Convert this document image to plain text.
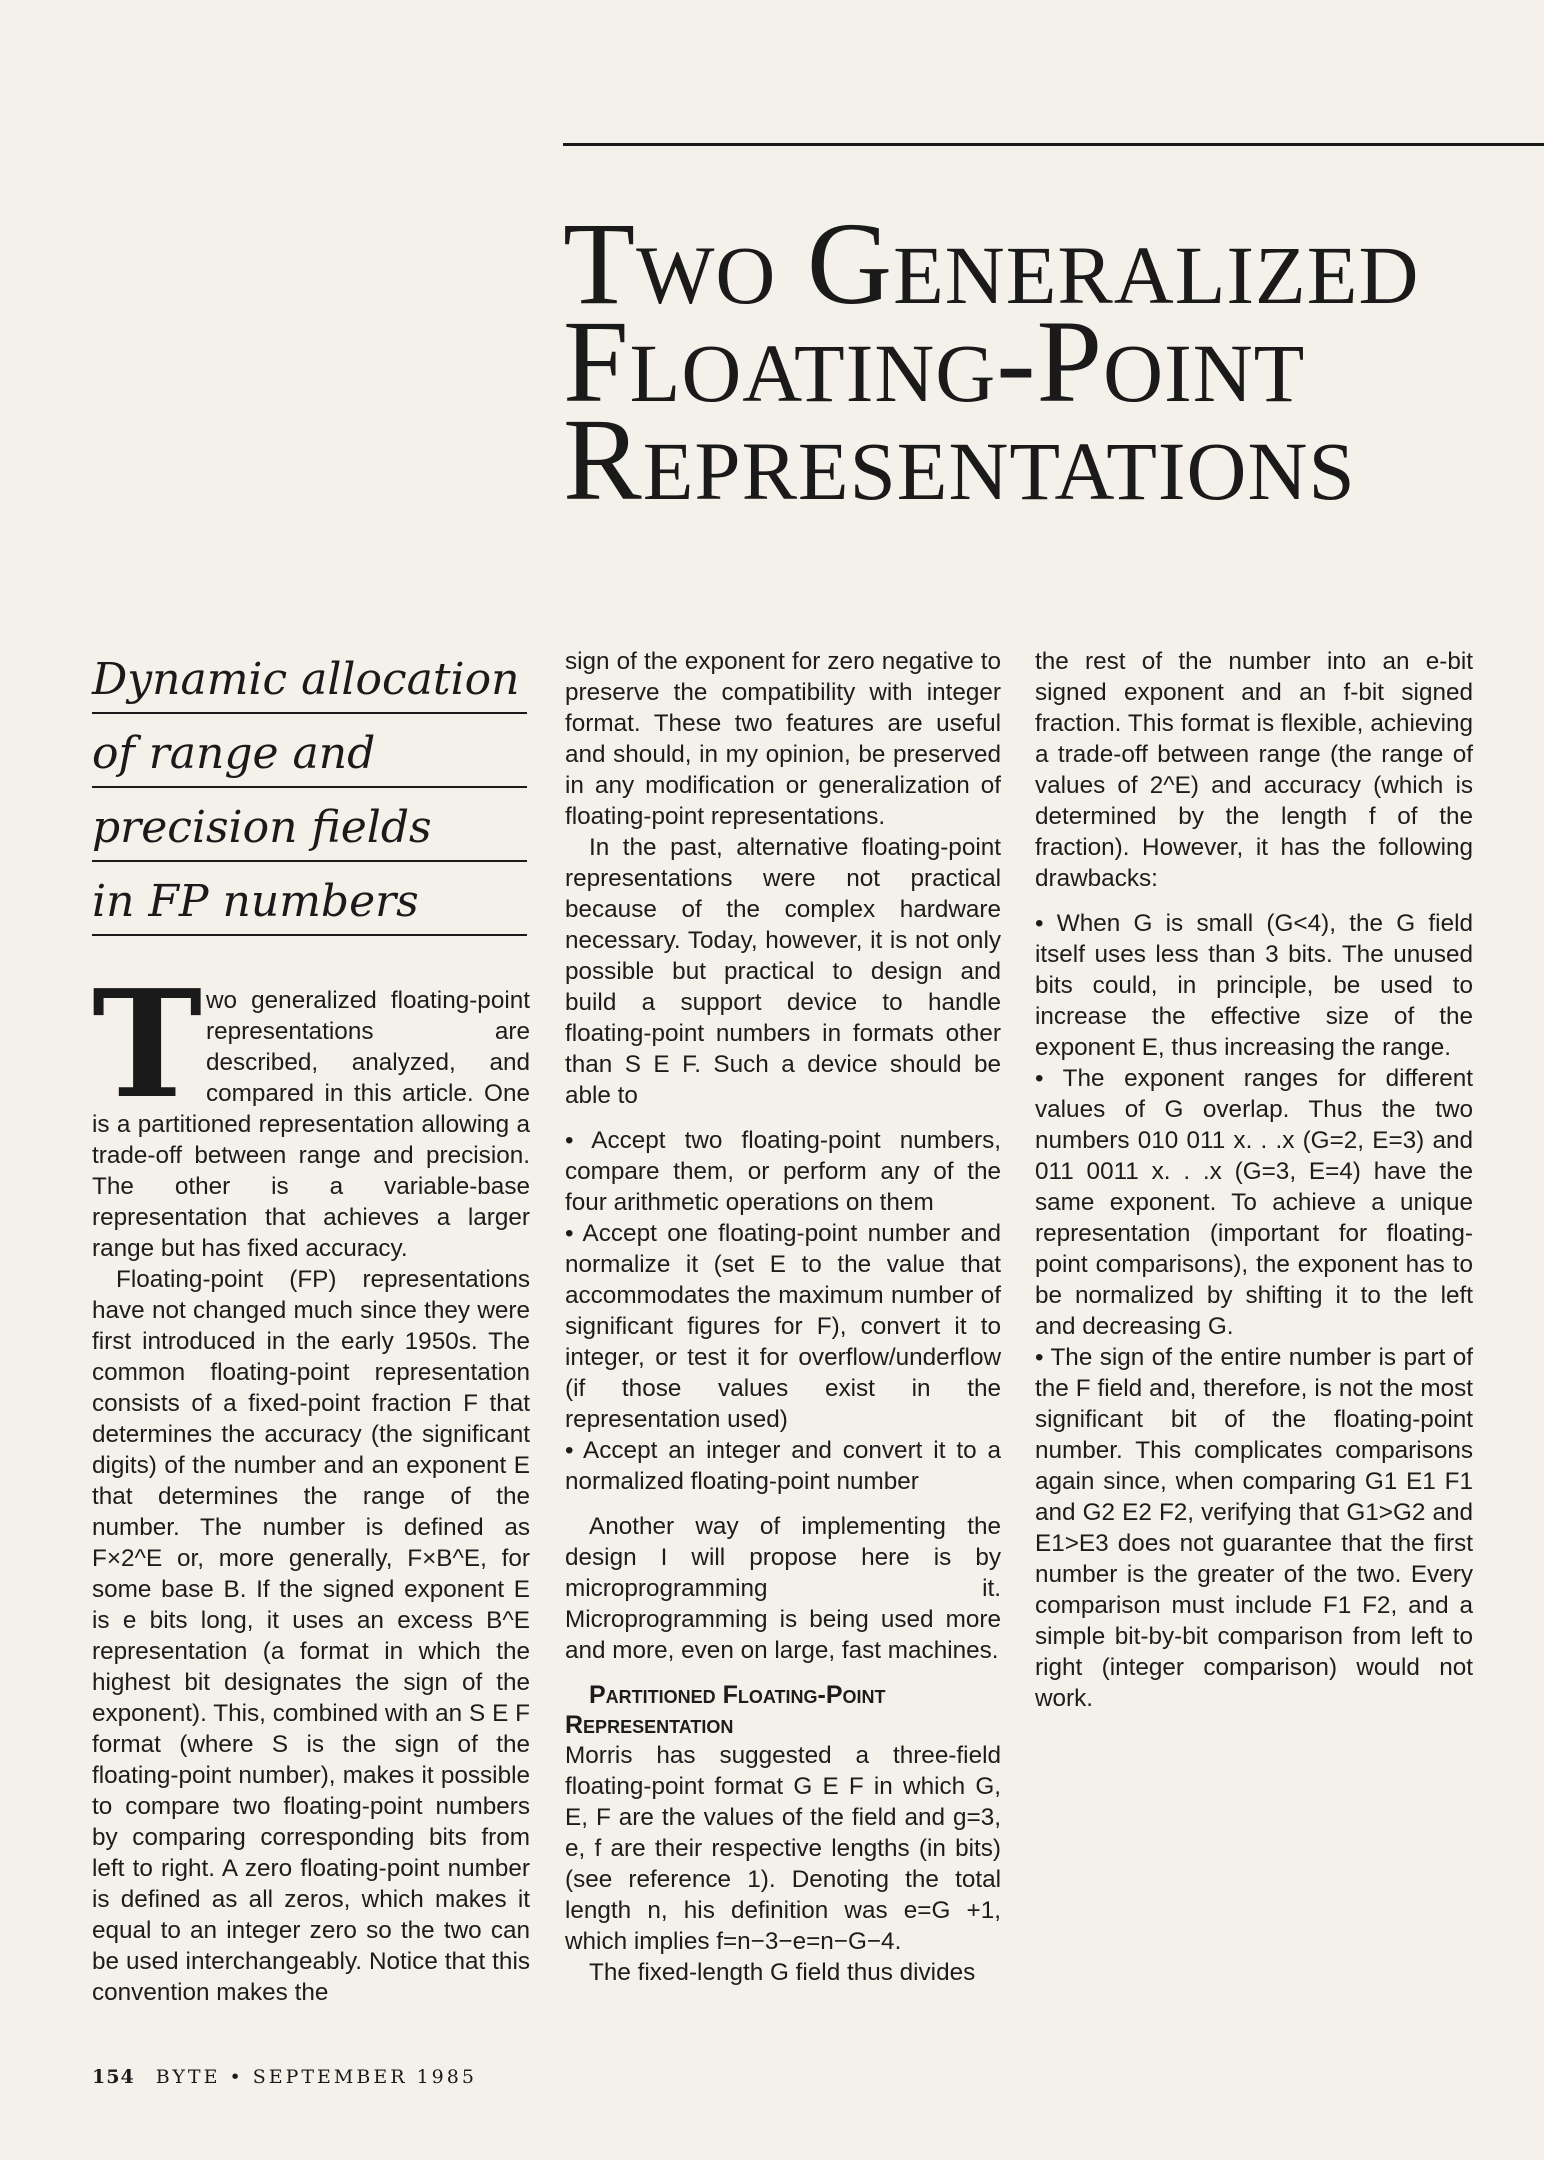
Two Generalized
Floating-Point
Representations
Dynamic allocation
of range and
precision fields
in FP numbers
T wo generalized floating-point representations are described, analyzed, and compared in this article. One is a partitioned representation allowing a trade-off between range and precision. The other is a variable-base representation that achieves a larger range but has fixed accuracy.

Floating-point (FP) representations have not changed much since they were first introduced in the early 1950s. The common floating-point representation consists of a fixed-point fraction F that determines the accuracy (the significant digits) of the number and an exponent E that determines the range of the number. The number is defined as F×2^E or, more generally, F×B^E, for some base B. If the signed exponent E is e bits long, it uses an excess B^E representation (a format in which the highest bit designates the sign of the exponent). This, combined with an S E F format (where S is the sign of the floating-point number), makes it possible to compare two floating-point numbers by comparing corresponding bits from left to right. A zero floating-point number is defined as all zeros, which makes it equal to an integer zero so the two can be used interchangeably. Notice that this convention makes the

sign of the exponent for zero negative to preserve the compatibility with integer format. These two features are useful and should, in my opinion, be preserved in any modification or generalization of floating-point representations.

In the past, alternative floating-point representations were not practical because of the complex hardware necessary. Today, however, it is not only possible but practical to design and build a support device to handle floating-point numbers in formats other than S E F. Such a device should be able to

• Accept two floating-point numbers, compare them, or perform any of the four arithmetic operations on them

• Accept one floating-point number and normalize it (set E to the value that accommodates the maximum number of significant figures for F), convert it to integer, or test it for overflow/underflow (if those values exist in the representation used)

• Accept an integer and convert it to a normalized floating-point number

Another way of implementing the design I will propose here is by microprogramming it. Microprogramming is being used more and more, even on large, fast machines.

Partitioned Floating-Point Representation

Morris has suggested a three-field floating-point format G E F in which G, E, F are the values of the field and g=3, e, f are their respective lengths (in bits) (see reference 1). Denoting the total length n, his definition was e=G +1, which implies f=n−3−e=n−G−4.

The fixed-length G field thus divides

the rest of the number into an e-bit signed exponent and an f-bit signed fraction. This format is flexible, achieving a trade-off between range (the range of values of 2^E) and accuracy (which is determined by the length f of the fraction). However, it has the following drawbacks:

• When G is small (G<4), the G field itself uses less than 3 bits. The unused bits could, in principle, be used to increase the effective size of the exponent E, thus increasing the range.

• The exponent ranges for different values of G overlap. Thus the two numbers 010 011 x. . .x (G=2, E=3) and 011 0011 x. . .x (G=3, E=4) have the same exponent. To achieve a unique representation (important for floating-point comparisons), the exponent has to be normalized by shifting it to the left and decreasing G.

• The sign of the entire number is part of the F field and, therefore, is not the most significant bit of the floating-point number. This complicates comparisons again since, when comparing G1 E1 F1 and G2 E2 F2, verifying that G1>G2 and E1>E3 does not guarantee that the first number is the greater of the two. Every comparison must include F1 F2, and a simple bit-by-bit comparison from left to right (integer comparison) would not work.

154 BYTE • SEPTEMBER 1985
